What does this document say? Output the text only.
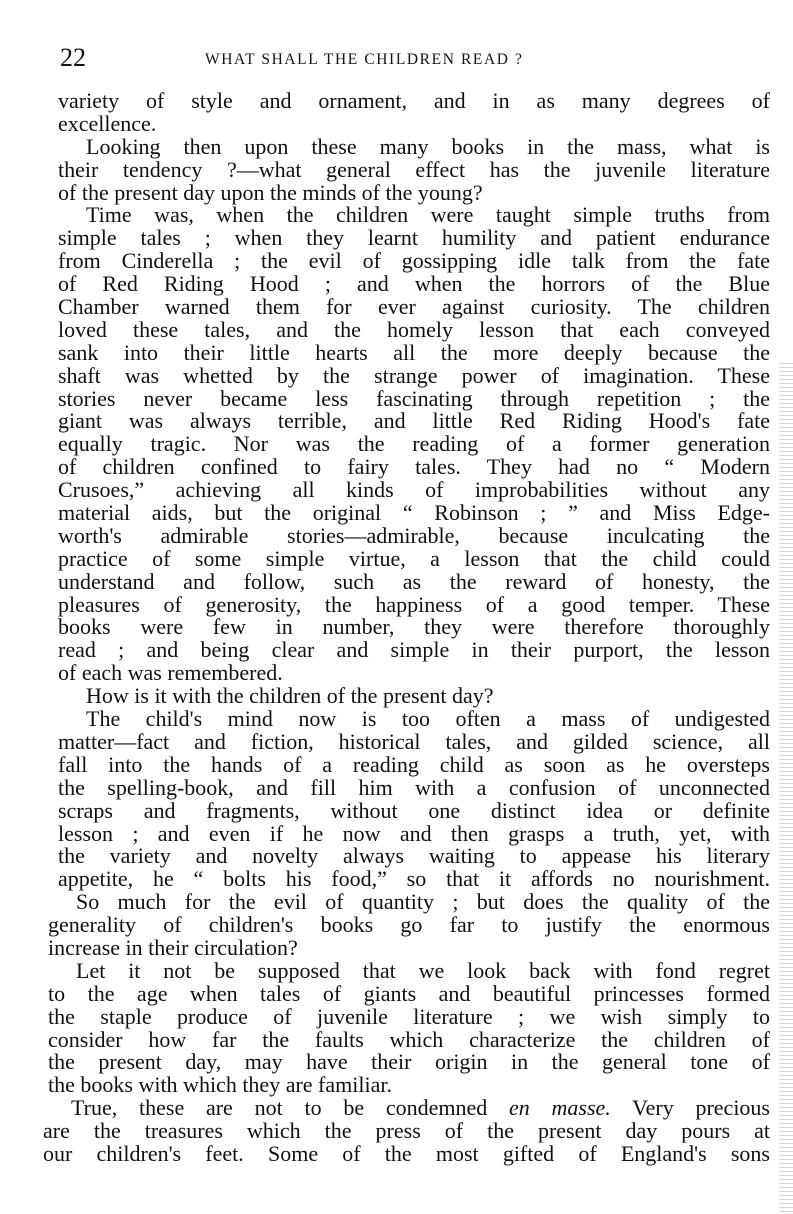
22	WHAT SHALL THE CHILDREN READ ?
variety of style and ornament, and in as many degrees of
excellence.
Looking then upon these many books in the mass, what is
their tendency ?—what general effect has the juvenile literature
of the present day upon the minds of the young?
Time was, when the children were taught simple truths from
simple tales ; when they learnt humility and patient endurance
from Cinderella ; the evil of gossipping idle talk from the fate
of Red Riding Hood ; and when the horrors of the Blue
Chamber warned them for ever against curiosity. The children
loved these tales, and the homely lesson that each conveyed
sank into their little hearts all the more deeply because the
shaft was whetted by the strange power of imagination. These
stories never became less fascinating through repetition ; the
giant was always terrible, and little Red Riding Hood's fate
equally tragic. Nor was the reading of a former generation
of children confined to fairy tales. They had no “ Modern
Crusoes,” achieving all kinds of improbabilities without any
material aids, but the original “ Robinson ; ” and Miss Edge-
worth's admirable stories—admirable, because inculcating the
practice of some simple virtue, a lesson that the child could
understand and follow, such as the reward of honesty, the
pleasures of generosity, the happiness of a good temper. These
books were few in number, they were therefore thoroughly
read ; and being clear and simple in their purport, the lesson
of each was remembered.
How is it with the children of the present day?
The child's mind now is too often a mass of undigested
matter—fact and fiction, historical tales, and gilded science, all
fall into the hands of a reading child as soon as he oversteps
the spelling-book, and fill him with a confusion of unconnected
scraps and fragments, without one distinct idea or definite
lesson ; and even if he now and then grasps a truth, yet, with
the variety and novelty always waiting to appease his literary
appetite, he “ bolts his food,” so that it affords no nourishment.
So much for the evil of quantity ; but does the quality of the
generality of children's books go far to justify the enormous
increase in their circulation?
Let it not be supposed that we look back with fond regret
to the age when tales of giants and beautiful princesses formed
the staple produce of juvenile literature ; we wish simply to
consider how far the faults which characterize the children of
the present day, may have their origin in the general tone of
the books with which they are familiar.
True, these are not to be condemned en masse. Very precious
are the treasures which the press of the present day pours at
our children's feet. Some of the most gifted of England's sons
